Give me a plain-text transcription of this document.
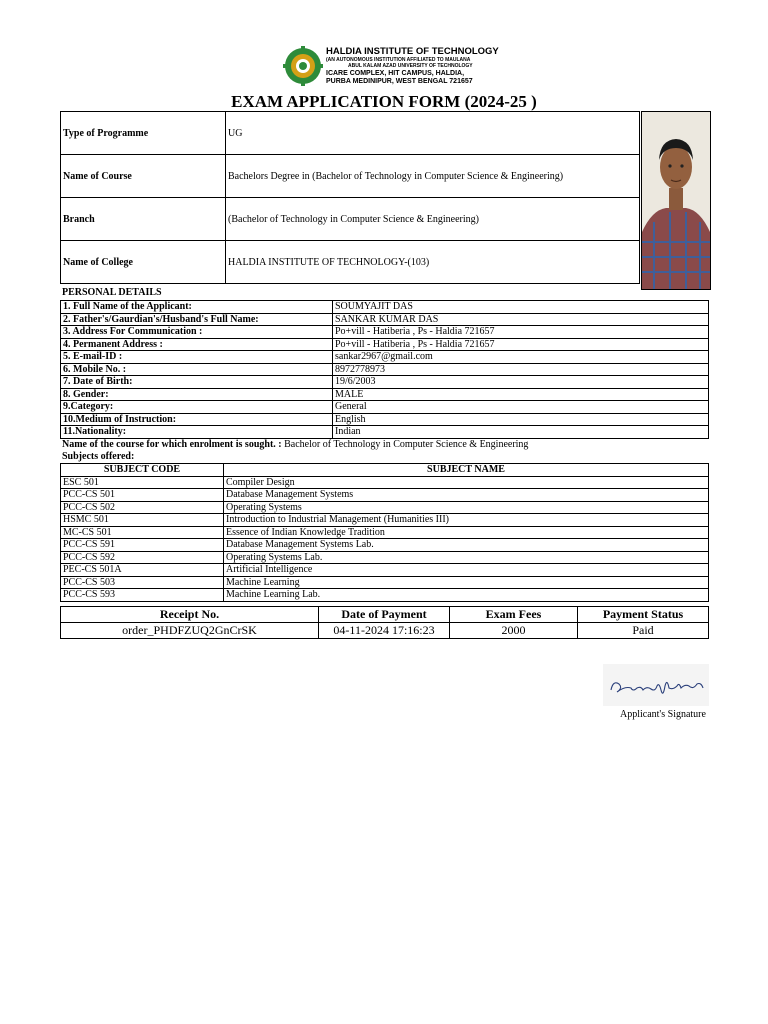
HALDIA INSTITUTE OF TECHNOLOGY
(AN AUTONOMOUS INSTITUTION AFFILIATED TO MAULANA
ABUL KALAM AZAD UNIVERSITY OF TECHNOLOGY
ICARE COMPLEX, HIT CAMPUS, HALDIA,
PURBA MEDINIPUR, WEST BENGAL 721657
EXAM APPLICATION FORM (2024-25 )
Type of Programme	UG
Name of Course	Bachelors Degree in (Bachelor of Technology in Computer Science & Engineering)
Branch	(Bachelor of Technology in Computer Science & Engineering)
Name of College	HALDIA INSTITUTE OF TECHNOLOGY-(103)
PERSONAL DETAILS
1. Full Name of the Applicant:	SOUMYAJIT DAS
2. Father's/Gaurdian's/Husband's Full Name:	SANKAR KUMAR DAS
3. Address For Communication :	Po+vill - Hatiberia , Ps - Haldia 721657
4. Permanent Address :	Po+vill - Hatiberia , Ps - Haldia 721657
5. E-mail-ID :	sankar2967@gmail.com
6. Mobile No. :	8972778973
7. Date of Birth:	19/6/2003
8. Gender:	MALE
9.Category:	General
10.Medium of Instruction:	English
11.Nationality:	Indian
Name of the course for which enrolment is sought. : Bachelor of Technology in Computer Science & Engineering
Subjects offered:
SUBJECT CODE	SUBJECT NAME
ESC 501	Compiler Design
PCC-CS 501	Database Management Systems
PCC-CS 502	Operating Systems
HSMC 501	Introduction to Industrial Management (Humanities III)
MC-CS 501	Essence of Indian Knowledge Tradition
PCC-CS 591	Database Management Systems Lab.
PCC-CS 592	Operating Systems Lab.
PEC-CS 501A	Artificial Intelligence
PCC-CS 503	Machine Learning
PCC-CS 593	Machine Learning Lab.
Receipt No.	Date of Payment	Exam Fees	Payment Status
order_PHDFZUQ2GnCrSK	04-11-2024 17:16:23	2000	Paid
Applicant's Signature
